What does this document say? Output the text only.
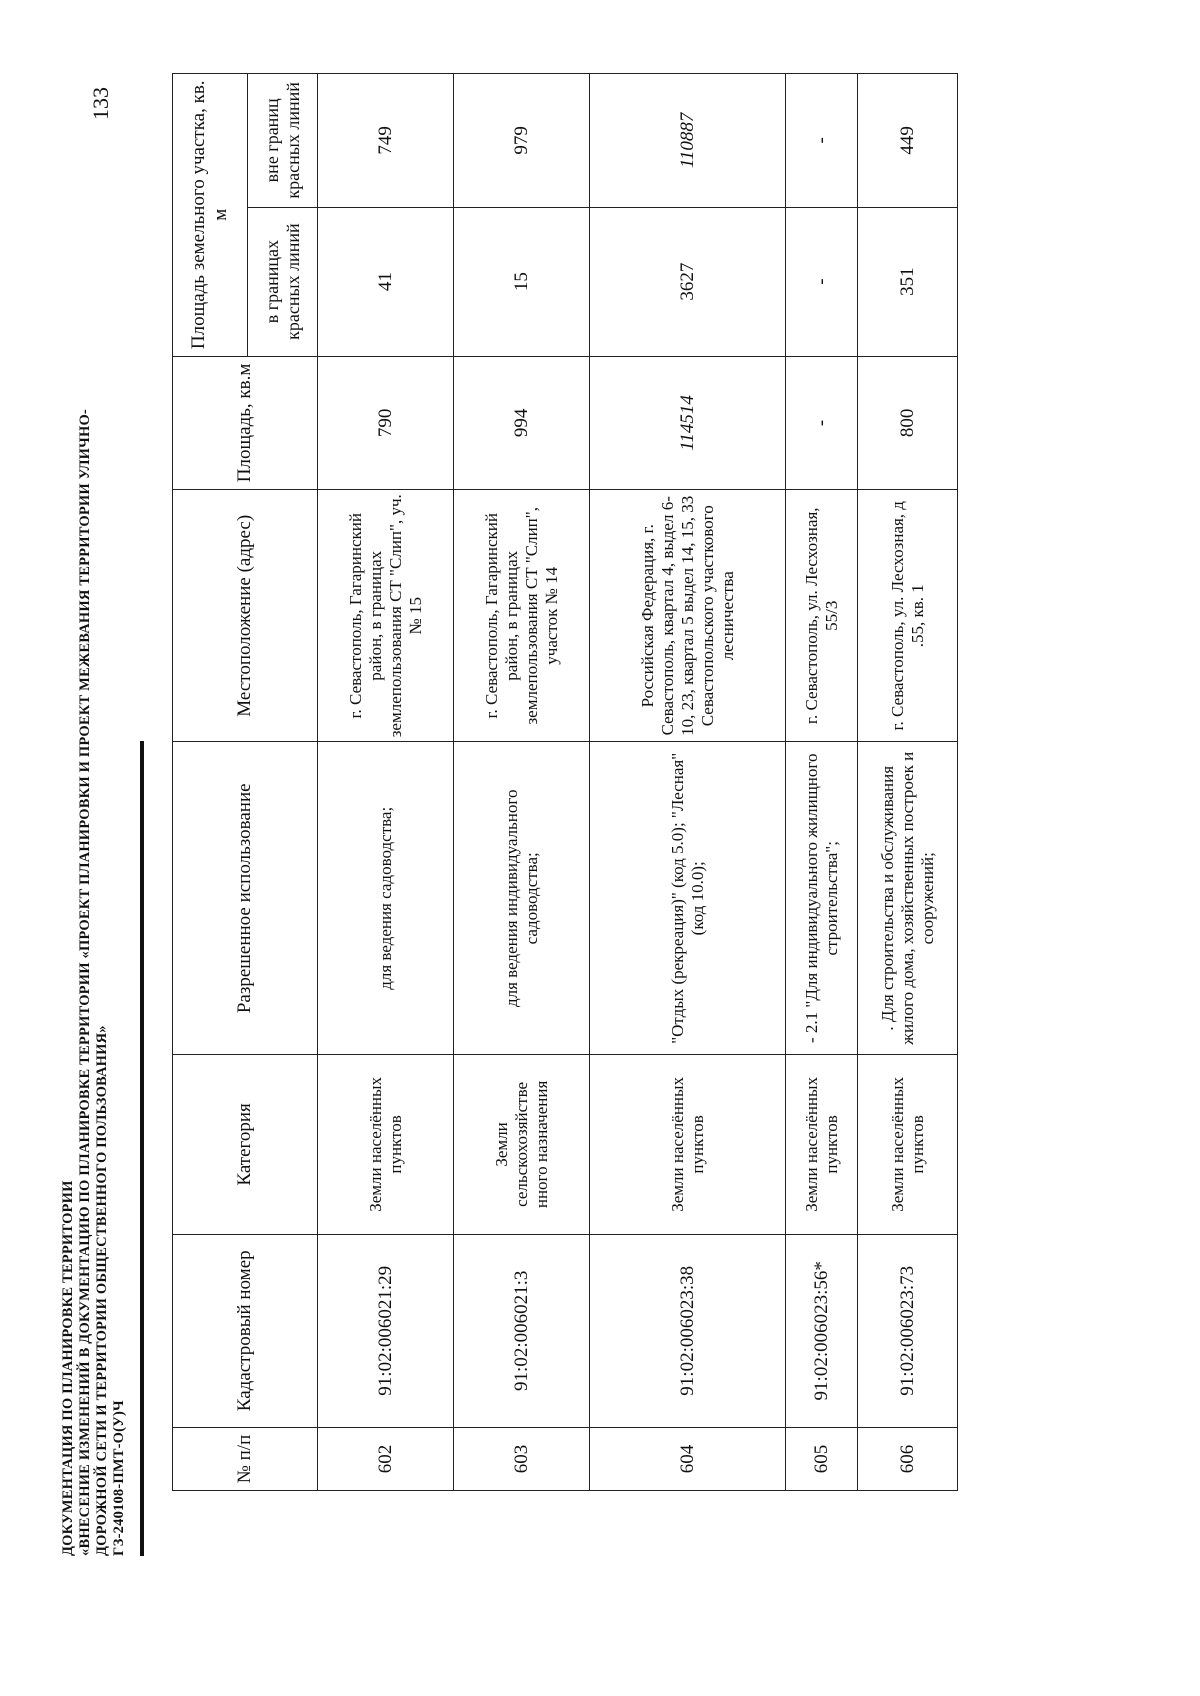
ДОКУМЕНТАЦИЯ ПО ПЛАНИРОВКЕ ТЕРРИТОРИИ «ВНЕСЕНИЕ ИЗМЕНЕНИЙ В ДОКУМЕНТАЦИЮ ПО ПЛАНИРОВКЕ ТЕРРИТОРИИ «ПРОЕКТ ПЛАНИРОВКИ И ПРОЕКТ МЕЖЕВАНИЯ ТЕРРИТОРИИ УЛИЧНО- ДОРОЖНОЙ СЕТИ И ТЕРРИТОРИИ ОБЩЕСТВЕННОГО ПОЛЬЗОВАНИЯ» ГЗ-240108-ПМТ-О(У)Ч
133
№ п/п	Кадастровый номер	Категория	Разрешенное использование	Местоположение (адрес)	Площадь, кв.м	Площадь земельного участка, кв. м	
						в границах красных линий	вне границ красных линий
602	91:02:006021:29	Земли населённых пунктов	для ведения садоводства;	г. Севастополь, Гагаринский район, в границах землепользования СТ "Слип", уч. № 15	790	41	749
603	91:02:006021:3	Земли сельскохозяйстве нного назначения	для ведения индивидуального садоводства;	г. Севастополь, Гагаринский район, в границах землепользования СТ "Слип", участок № 14	994	15	979
604	91:02:006023:38	Земли населённых пунктов	"Отдых (рекреация)" (код 5.0); "Лесная" (код 10.0);	Российская Федерация, г. Севастополь, квартал 4, выдел 6-10, 23, квартал 5 выдел 14, 15, 33 Севастопольского участкового лесничества	114514	3627	110887
605	91:02:006023:56*	Земли населённых пунктов	- 2.1 "Для индивидуального жилищного строительства";	г. Севастополь, ул. Лесхозная, 55/3	-	-	-
606	91:02:006023:73	Земли населённых пунктов	. Для строительства и обслуживания жилого дома, хозяйственных построек и сооружений;	г. Севастополь, ул. Лесхозная, д .55, кв. 1	800	351	449
